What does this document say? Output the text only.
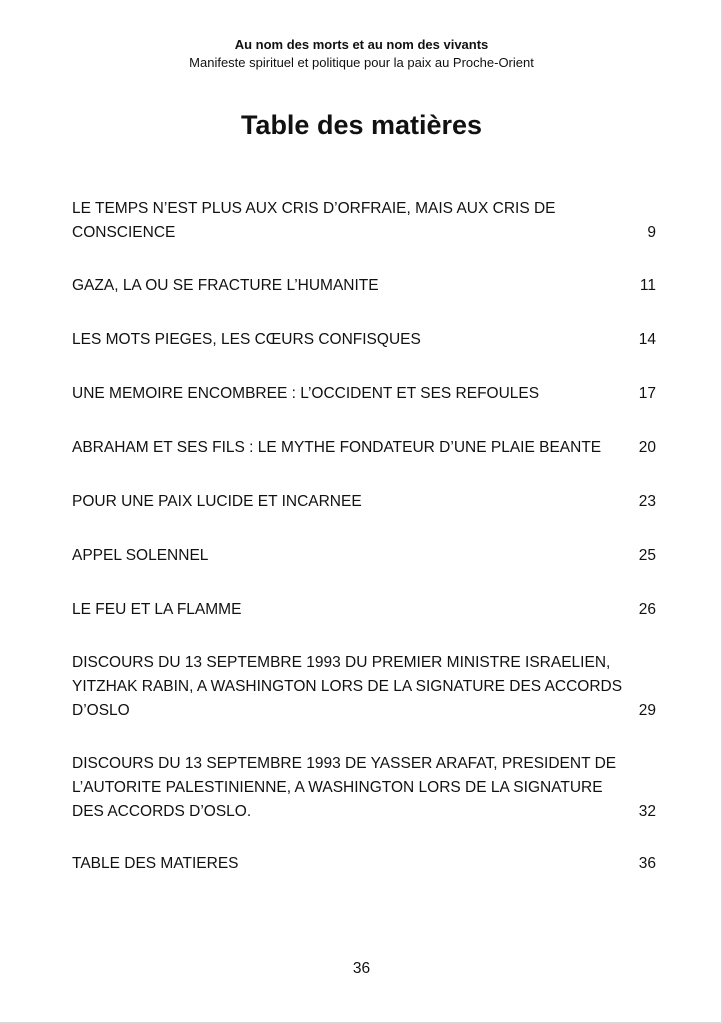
Au nom des morts et au nom des vivants
Manifeste spirituel et politique pour la paix au Proche-Orient
Table des matières
LE TEMPS N’EST PLUS AUX CRIS D’ORFRAIE, MAIS AUX CRIS DE CONSCIENCE	9
GAZA, LA OU SE FRACTURE L’HUMANITE	11
LES MOTS PIEGES, LES CŒURS CONFISQUES	14
UNE MEMOIRE ENCOMBREE : L’OCCIDENT ET SES REFOULES	17
ABRAHAM ET SES FILS : LE MYTHE FONDATEUR D’UNE PLAIE BEANTE	20
POUR UNE PAIX LUCIDE ET INCARNEE	23
APPEL SOLENNEL	25
LE FEU ET LA FLAMME	26
DISCOURS DU 13 SEPTEMBRE 1993 DU PREMIER MINISTRE ISRAELIEN, YITZHAK RABIN, A WASHINGTON LORS DE LA SIGNATURE DES ACCORDS D’OSLO	29
DISCOURS DU 13 SEPTEMBRE 1993 DE YASSER ARAFAT, PRESIDENT DE L’AUTORITE PALESTINIENNE, A WASHINGTON LORS DE LA SIGNATURE DES ACCORDS D’OSLO.	32
TABLE DES MATIERES	36
36
